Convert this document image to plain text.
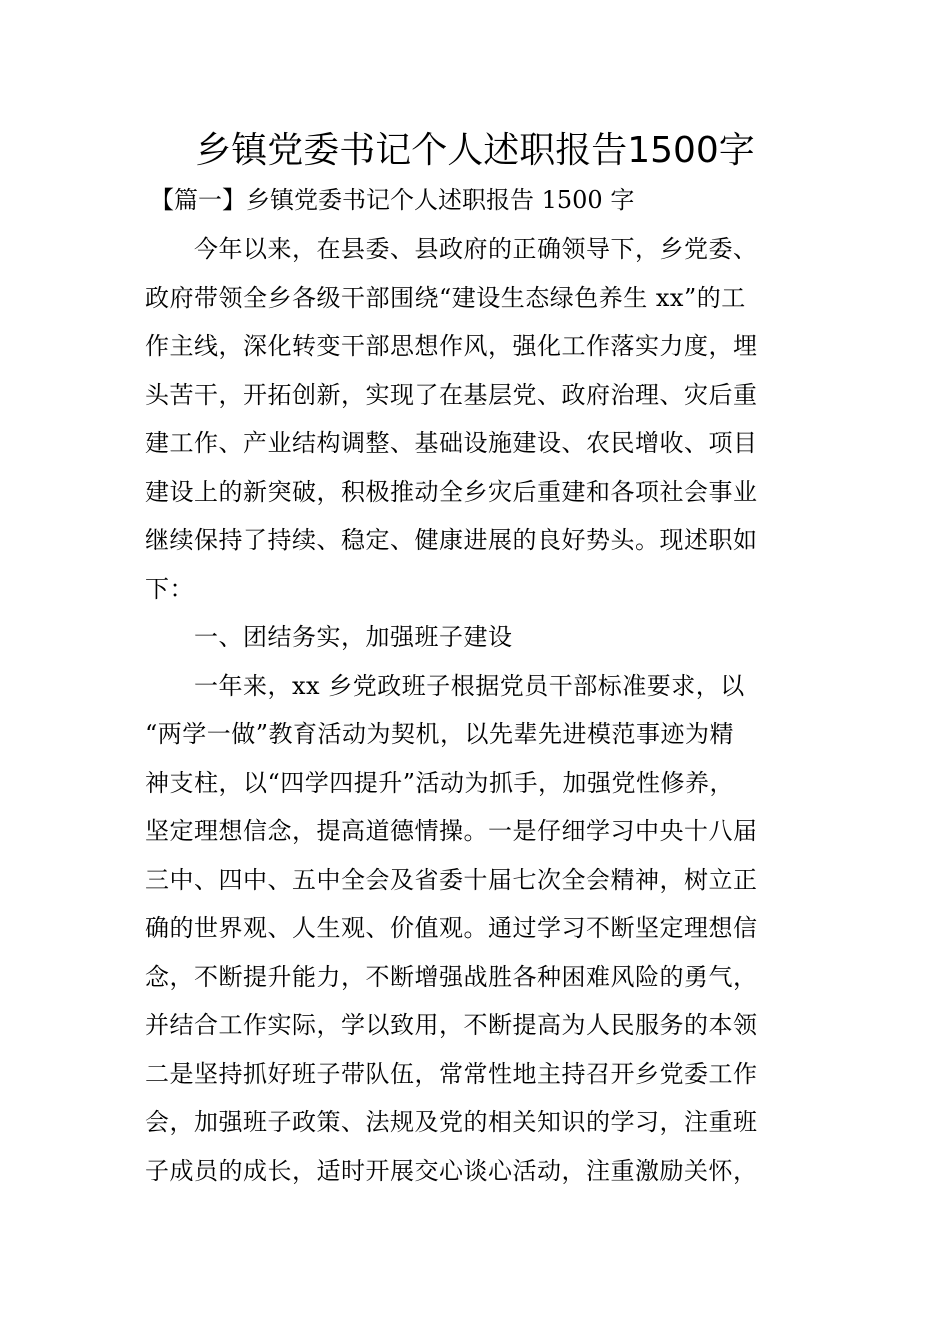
乡镇党委书记个人述职报告1500字

【篇一】乡镇党委书记个人述职报告 1500 字

　　今年以来，在县委、县政府的正确领导下，乡党委、
政府带领全乡各级干部围绕“建设生态绿色养生 xx”的工
作主线，深化转变干部思想作风，强化工作落实力度，埋
头苦干，开拓创新，实现了在基层党、政府治理、灾后重
建工作、产业结构调整、基础设施建设、农民增收、项目
建设上的新突破，积极推动全乡灾后重建和各项社会事业
继续保持了持续、稳定、健康进展的良好势头。现述职如
下：
　　一、团结务实，加强班子建设
　　一年来，xx 乡党政班子根据党员干部标准要求，以
“两学一做”教育活动为契机，以先辈先进模范事迹为精
神支柱，以“四学四提升”活动为抓手，加强党性修养，
坚定理想信念，提高道德情操。一是仔细学习中央十八届
三中、四中、五中全会及省委十届七次全会精神，树立正
确的世界观、人生观、价值观。通过学习不断坚定理想信
念，不断提升能力，不断增强战胜各种困难风险的勇气，
并结合工作实际，学以致用，不断提高为人民服务的本领
二是坚持抓好班子带队伍，常常性地主持召开乡党委工作
会，加强班子政策、法规及党的相关知识的学习，注重班
子成员的成长，适时开展交心谈心活动，注重激励关怀，
